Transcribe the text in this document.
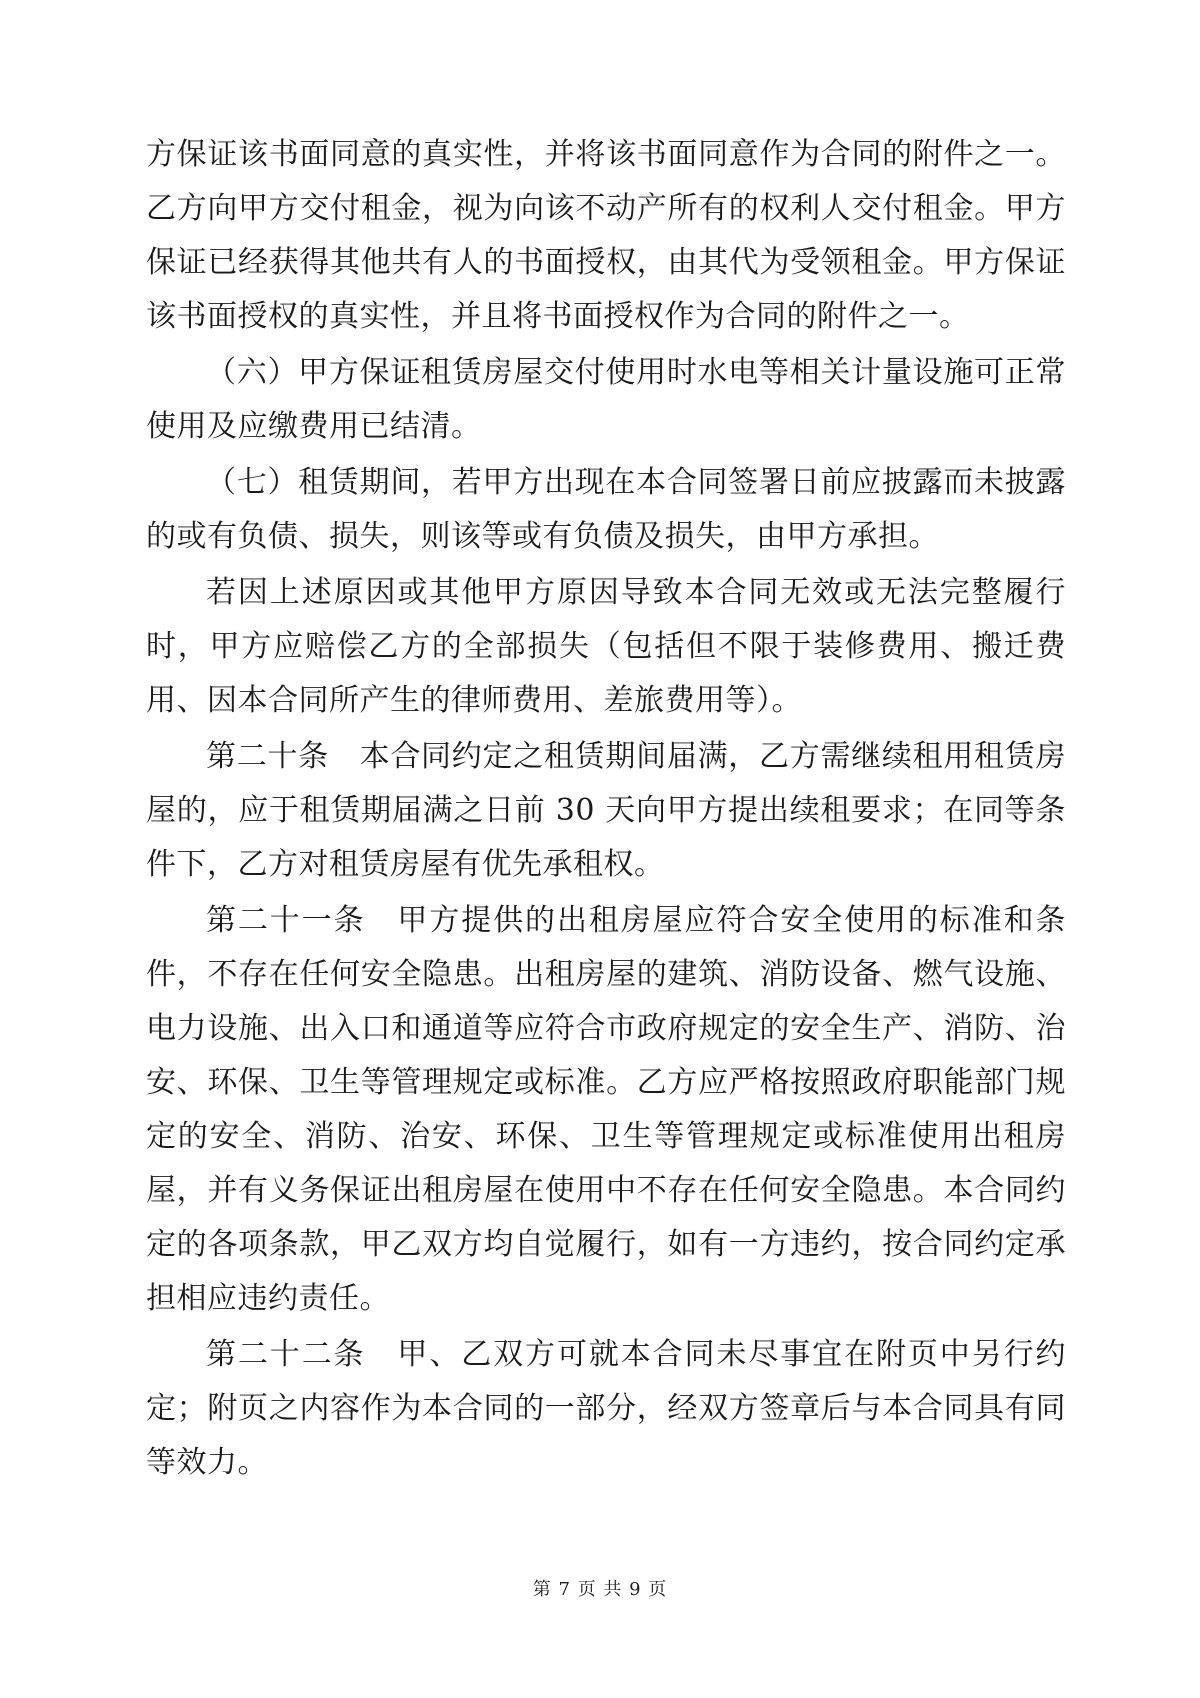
方保证该书面同意的真实性，并将该书面同意作为合同的附件之一。乙方向甲方交付租金，视为向该不动产所有的权利人交付租金。甲方保证已经获得其他共有人的书面授权，由其代为受领租金。甲方保证该书面授权的真实性，并且将书面授权作为合同的附件之一。

（六）甲方保证租赁房屋交付使用时水电等相关计量设施可正常使用及应缴费用已结清。

（七）租赁期间，若甲方出现在本合同签署日前应披露而未披露的或有负债、损失，则该等或有负债及损失，由甲方承担。

若因上述原因或其他甲方原因导致本合同无效或无法完整履行时，甲方应赔偿乙方的全部损失（包括但不限于装修费用、搬迁费用、因本合同所产生的律师费用、差旅费用等）。

第二十条　本合同约定之租赁期间届满，乙方需继续租用租赁房屋的，应于租赁期届满之日前 30 天向甲方提出续租要求；在同等条件下，乙方对租赁房屋有优先承租权。

第二十一条　甲方提供的出租房屋应符合安全使用的标准和条件，不存在任何安全隐患。出租房屋的建筑、消防设备、燃气设施、电力设施、出入口和通道等应符合市政府规定的安全生产、消防、治安、环保、卫生等管理规定或标准。乙方应严格按照政府职能部门规定的安全、消防、治安、环保、卫生等管理规定或标准使用出租房屋，并有义务保证出租房屋在使用中不存在任何安全隐患。本合同约定的各项条款，甲乙双方均自觉履行，如有一方违约，按合同约定承担相应违约责任。

第二十二条　甲、乙双方可就本合同未尽事宜在附页中另行约定；附页之内容作为本合同的一部分，经双方签章后与本合同具有同等效力。

第 7 页 共 9 页
